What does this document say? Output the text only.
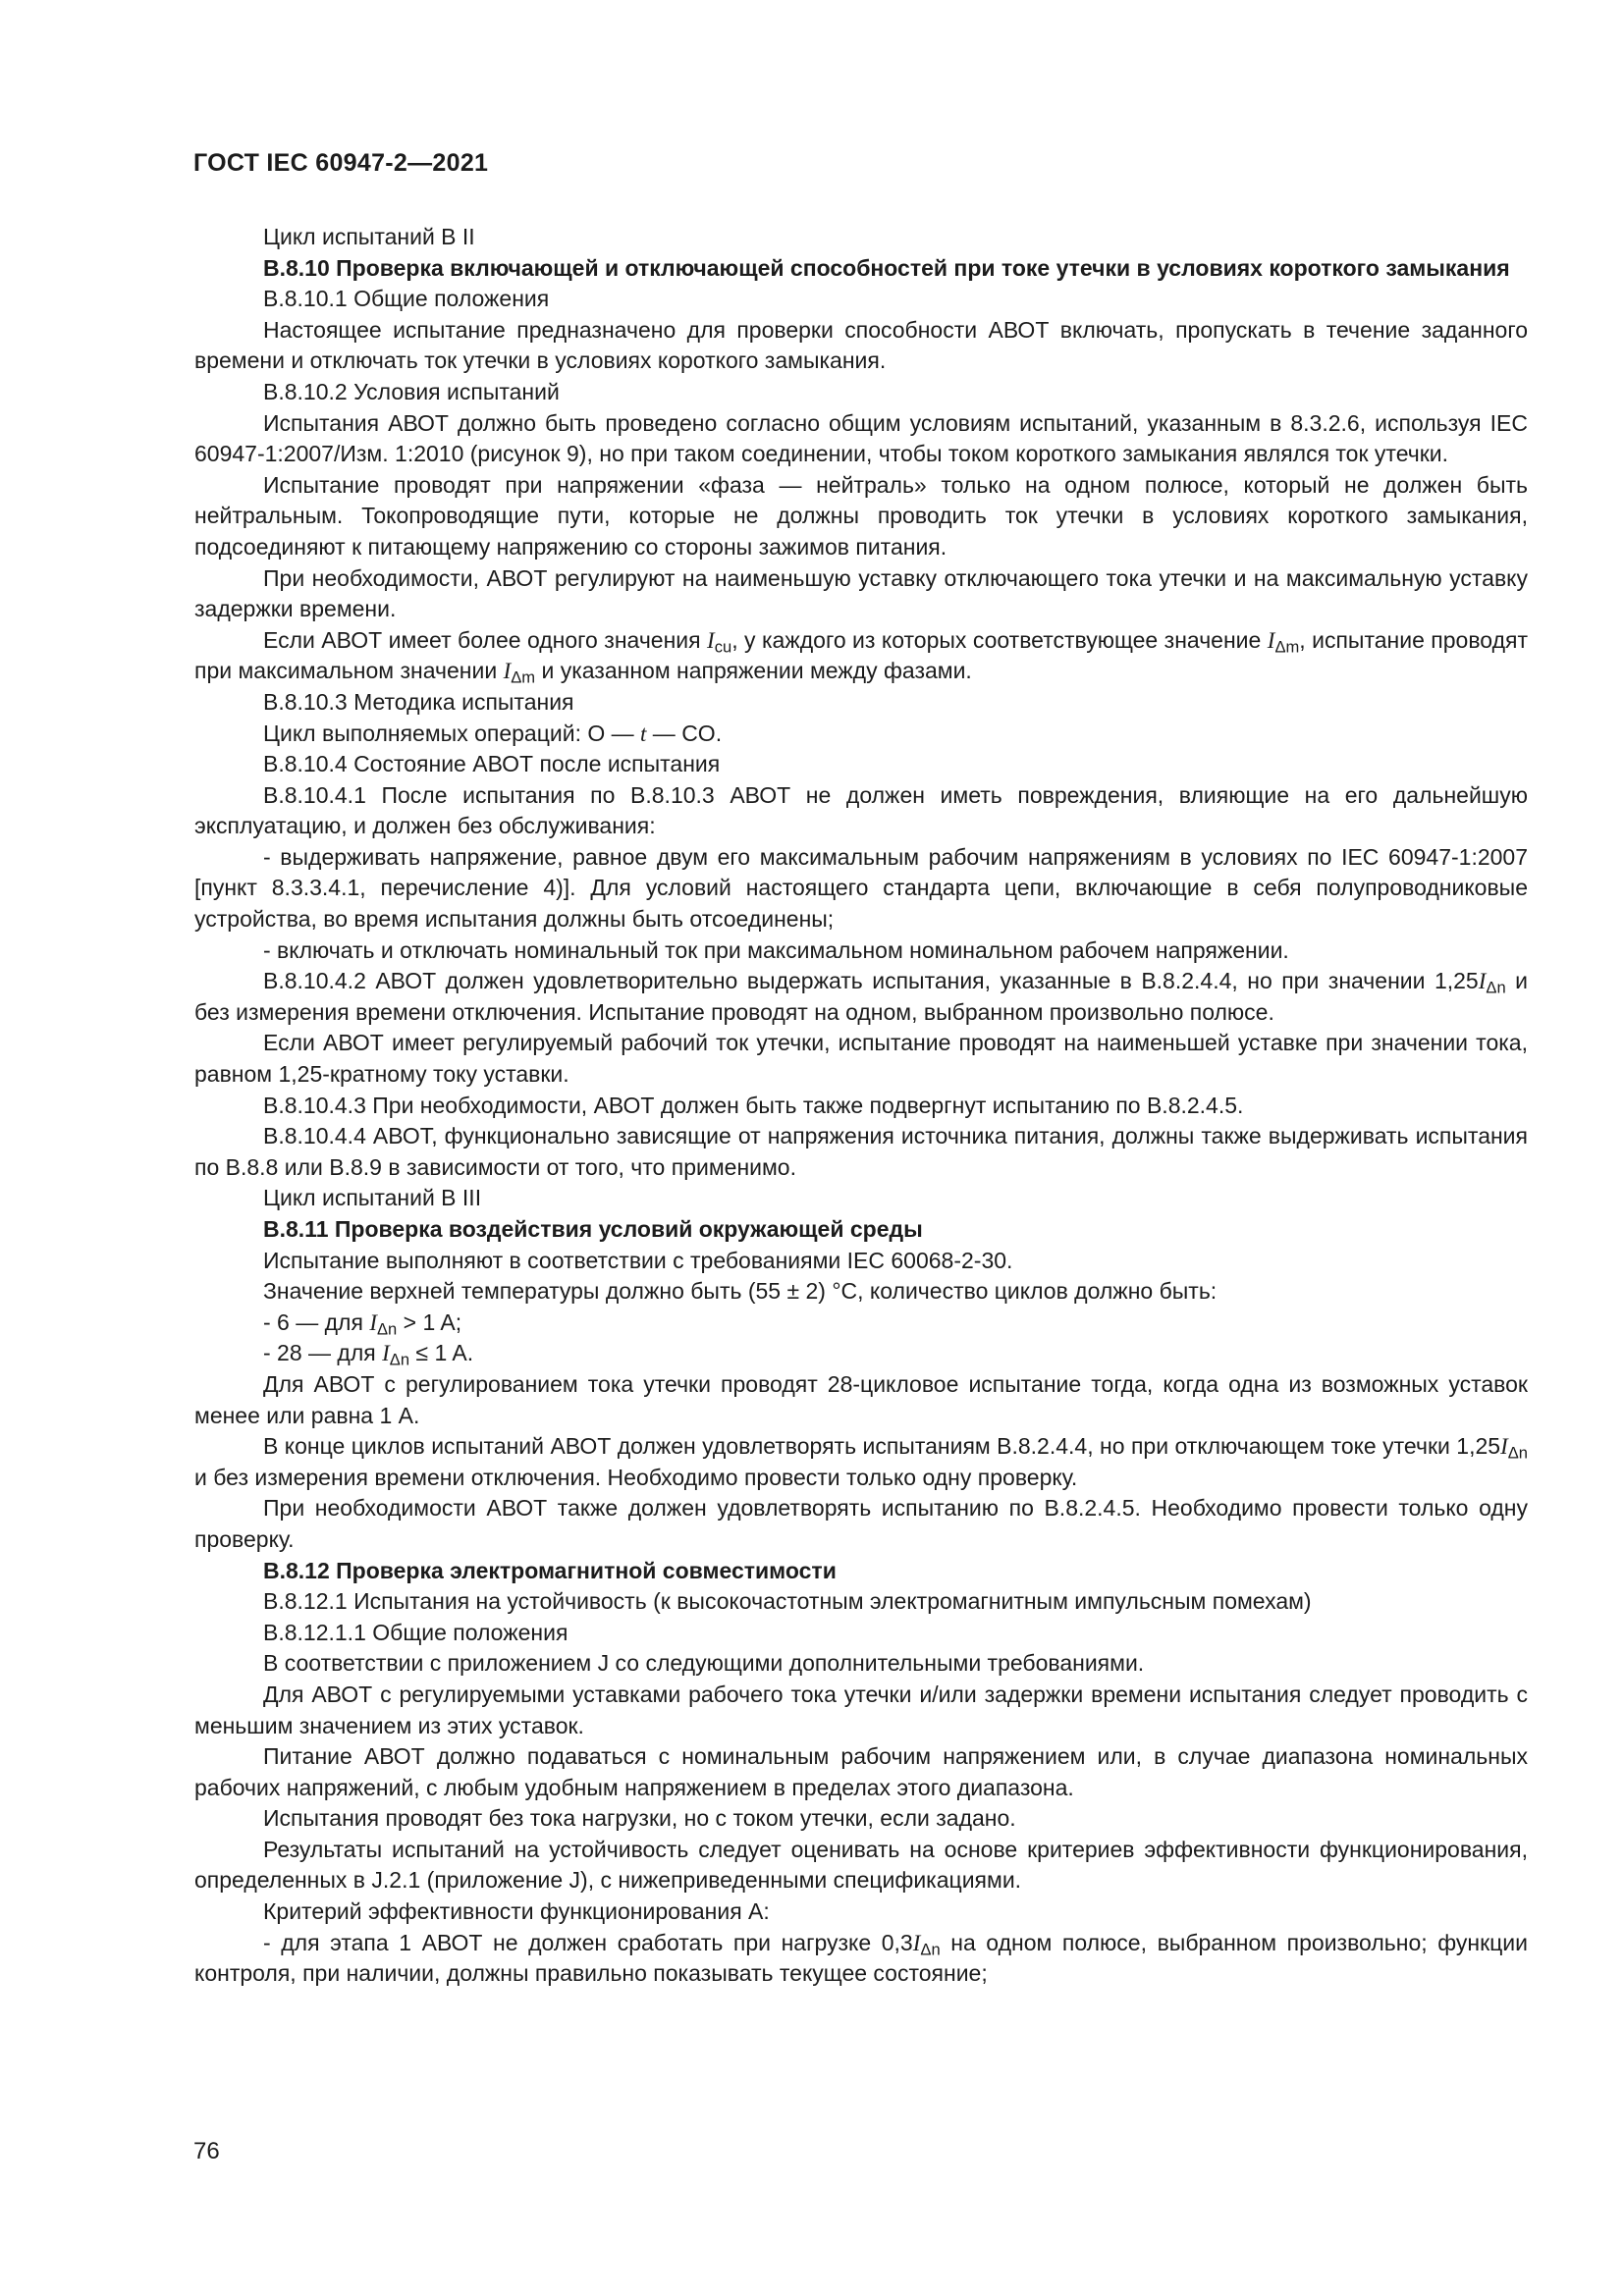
ГОСТ IEC 60947-2—2021

Цикл испытаний B II

B.8.10 Проверка включающей и отключающей способностей при токе утечки в условиях короткого замыкания

B.8.10.1 Общие положения

Настоящее испытание предназначено для проверки способности АВОТ включать, пропускать в течение заданного времени и отключать ток утечки в условиях короткого замыкания.

B.8.10.2 Условия испытаний

Испытания АВОТ должно быть проведено согласно общим условиям испытаний, указанным в 8.3.2.6, используя IEC 60947-1:2007/Изм. 1:2010 (рисунок 9), но при таком соединении, чтобы током короткого замыкания являлся ток утечки.

Испытание проводят при напряжении «фаза — нейтраль» только на одном полюсе, который не должен быть нейтральным. Токопроводящие пути, которые не должны проводить ток утечки в условиях короткого замыкания, подсоединяют к питающему напряжению со стороны зажимов питания.

При необходимости, АВОТ регулируют на наименьшую уставку отключающего тока утечки и на максимальную уставку задержки времени.

Если АВОТ имеет более одного значения $I_{cu}$, у каждого из которых соответствующее значение $I_{\Delta m}$, испытание проводят при максимальном значении $I_{\Delta m}$ и указанном напряжении между фазами.

B.8.10.3 Методика испытания

Цикл выполняемых операций: O — t — CO.

B.8.10.4 Состояние АВОТ после испытания

B.8.10.4.1 После испытания по B.8.10.3 АВОТ не должен иметь повреждения, влияющие на его дальнейшую эксплуатацию, и должен без обслуживания:

- выдерживать напряжение, равное двум его максимальным рабочим напряжениям в условиях по IEC 60947-1:2007 [пункт 8.3.3.4.1, перечисление 4)]. Для условий настоящего стандарта цепи, включающие в себя полупроводниковые устройства, во время испытания должны быть отсоединены;

- включать и отключать номинальный ток при максимальном номинальном рабочем напряжении.

B.8.10.4.2 АВОТ должен удовлетворительно выдержать испытания, указанные в B.8.2.4.4, но при значении $1,25I_{\Delta n}$ и без измерения времени отключения. Испытание проводят на одном, выбранном произвольно полюсе.

Если АВОТ имеет регулируемый рабочий ток утечки, испытание проводят на наименьшей уставке при значении тока, равном 1,25-кратному току уставки.

B.8.10.4.3 При необходимости, АВОТ должен быть также подвергнут испытанию по B.8.2.4.5.

B.8.10.4.4 АВОТ, функционально зависящие от напряжения источника питания, должны также выдерживать испытания по B.8.8 или B.8.9 в зависимости от того, что применимо.

Цикл испытаний B III

B.8.11 Проверка воздействия условий окружающей среды

Испытание выполняют в соответствии с требованиями IEC 60068-2-30.

Значение верхней температуры должно быть (55 ± 2) °C, количество циклов должно быть:

- 6 — для $I_{\Delta n} > 1$ A;

- 28 — для $I_{\Delta n} \le 1$ A.

Для АВОТ с регулированием тока утечки проводят 28-цикловое испытание тогда, когда одна из возможных уставок менее или равна 1 A.

В конце циклов испытаний АВОТ должен удовлетворять испытаниям B.8.2.4.4, но при отключающем токе утечки $1,25I_{\Delta n}$ и без измерения времени отключения. Необходимо провести только одну проверку.

При необходимости АВОТ также должен удовлетворять испытанию по B.8.2.4.5. Необходимо провести только одну проверку.

B.8.12 Проверка электромагнитной совместимости

B.8.12.1 Испытания на устойчивость (к высокочастотным электромагнитным импульсным помехам)

B.8.12.1.1 Общие положения

В соответствии с приложением J со следующими дополнительными требованиями.

Для АВОТ с регулируемыми уставками рабочего тока утечки и/или задержки времени испытания следует проводить с меньшим значением из этих уставок.

Питание АВОТ должно подаваться с номинальным рабочим напряжением или, в случае диапазона номинальных рабочих напряжений, с любым удобным напряжением в пределах этого диапазона.

Испытания проводят без тока нагрузки, но с током утечки, если задано.

Результаты испытаний на устойчивость следует оценивать на основе критериев эффективности функционирования, определенных в J.2.1 (приложение J), с нижеприведенными спецификациями.

Критерий эффективности функционирования A:

- для этапа 1 АВОТ не должен сработать при нагрузке $0,3I_{\Delta n}$ на одном полюсе, выбранном произвольно; функции контроля, при наличии, должны правильно показывать текущее состояние;

76
